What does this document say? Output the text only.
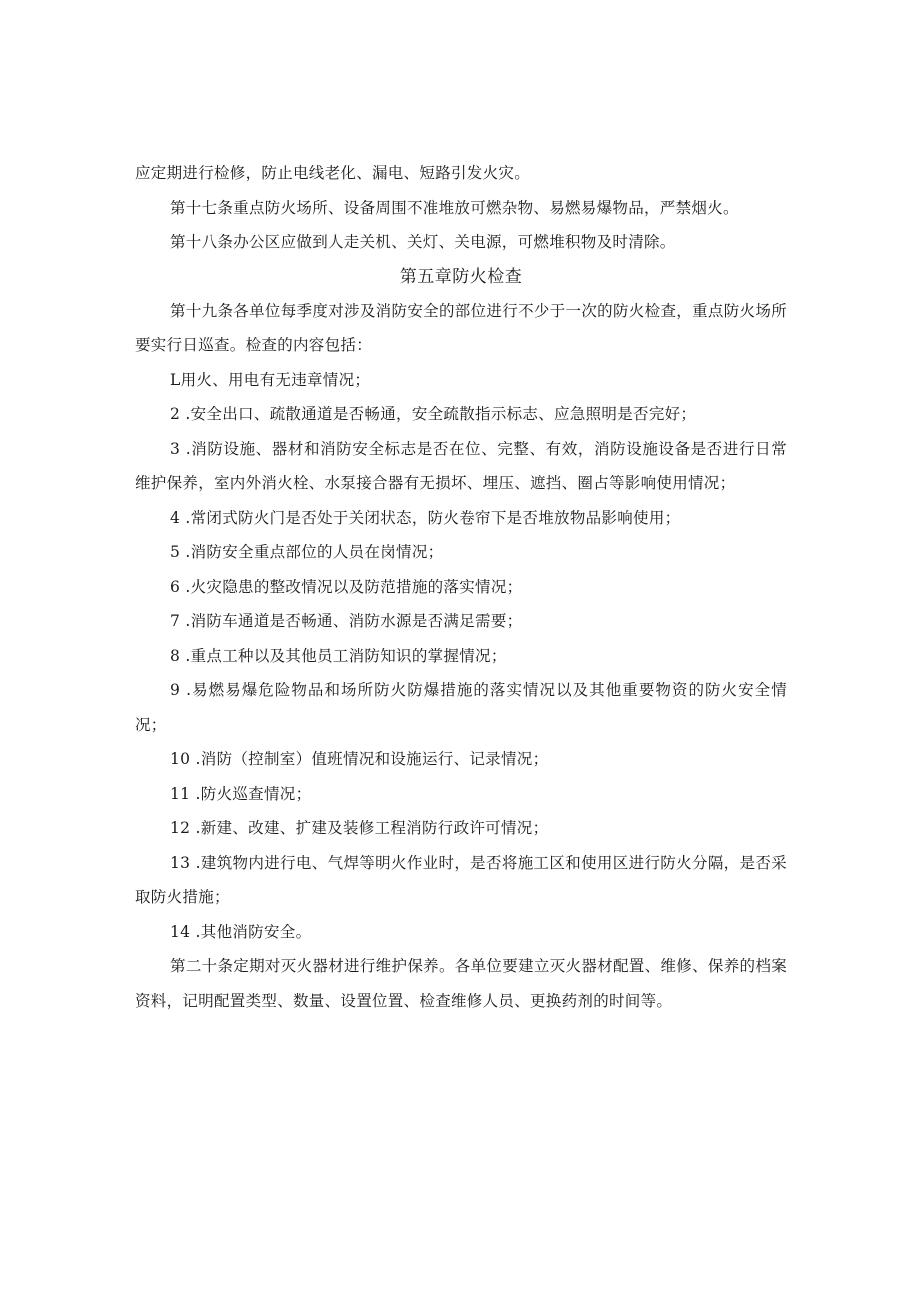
应定期进行检修，防止电线老化、漏电、短路引发火灾。

第十七条重点防火场所、设备周围不准堆放可燃杂物、易燃易爆物品，严禁烟火。

第十八条办公区应做到人走关机、关灯、关电源，可燃堆积物及时清除。

第五章防火检查

第十九条各单位每季度对涉及消防安全的部位进行不少于一次的防火检查，重点防火场所要实行日巡查。检查的内容包括：

L用火、用电有无违章情况；

2 .安全出口、疏散通道是否畅通，安全疏散指示标志、应急照明是否完好；

3 .消防设施、器材和消防安全标志是否在位、完整、有效，消防设施设备是否进行日常维护保养，室内外消火栓、水泵接合器有无损坏、埋压、遮挡、圈占等影响使用情况；

4 .常闭式防火门是否处于关闭状态，防火卷帘下是否堆放物品影响使用；

5 .消防安全重点部位的人员在岗情况；

6 .火灾隐患的整改情况以及防范措施的落实情况；

7 .消防车通道是否畅通、消防水源是否满足需要；

8 .重点工种以及其他员工消防知识的掌握情况；

9 .易燃易爆危险物品和场所防火防爆措施的落实情况以及其他重要物资的防火安全情况；

10 .消防（控制室）值班情况和设施运行、记录情况；

11 .防火巡查情况；

12 .新建、改建、扩建及装修工程消防行政许可情况；

13 .建筑物内进行电、气焊等明火作业时，是否将施工区和使用区进行防火分隔，是否采取防火措施；

14 .其他消防安全。

第二十条定期对灭火器材进行维护保养。各单位要建立灭火器材配置、维修、保养的档案资料，记明配置类型、数量、设置位置、检查维修人员、更换药剂的时间等。
